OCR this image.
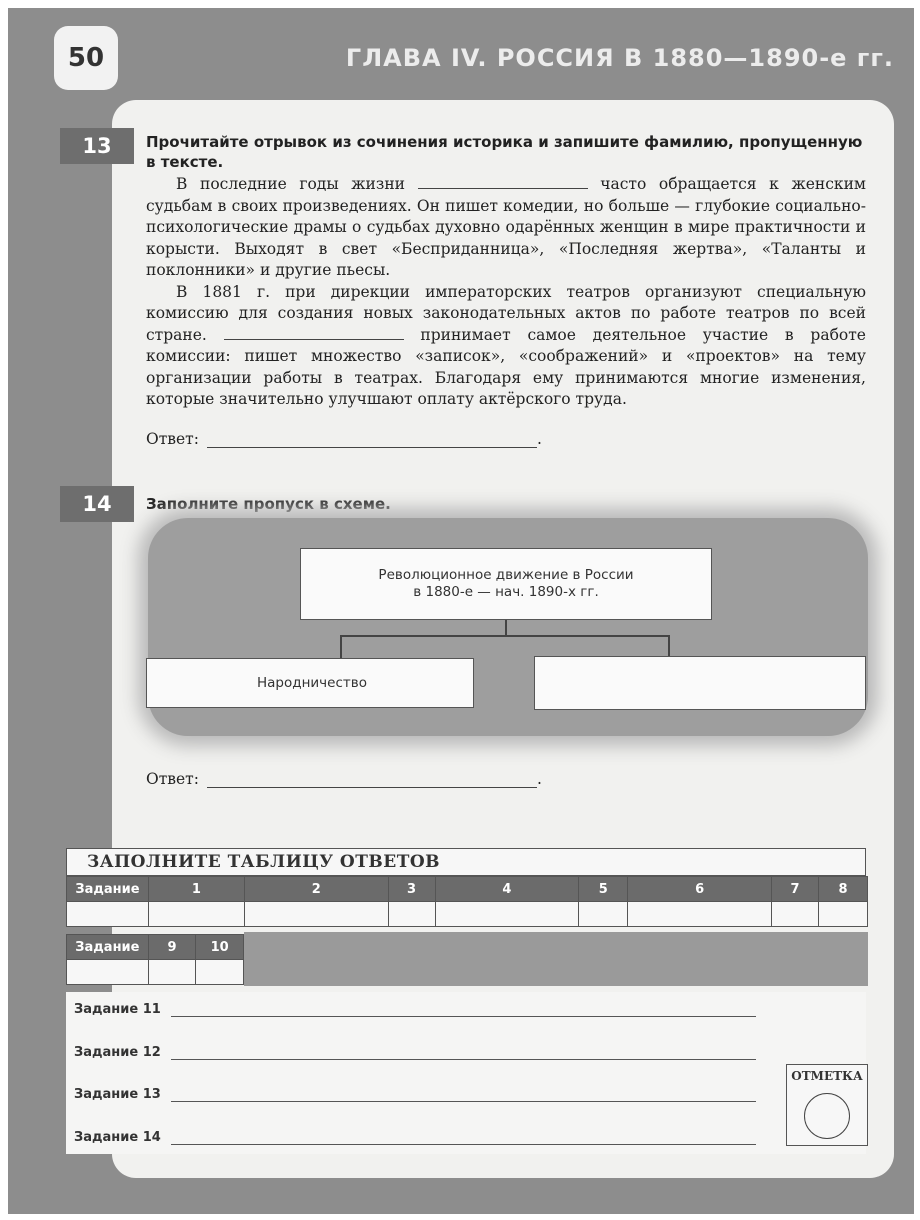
50	ГЛАВА IV. РОССИЯ В 1880—1890-е гг.
13	Прочитайте отрывок из сочинения историка и запишите фамилию, пропущенную в тексте.

В последние годы жизни	часто обращается к женским судьбам в своих произведениях. Он пишет комедии, но больше — глубокие социально-психологические драмы о судьбах духовно одарённых женщин в мире практичности и корысти. Выходят в свет «Бесприданница», «Последняя жертва», «Таланты и поклонники» и другие пьесы.

В 1881 г. при дирекции императорских театров организуют специальную комиссию для создания новых законодательных актов по работе театров по всей стране.	принимает самое деятельное участие в работе комиссии: пишет множество «записок», «соображений» и «проектов» на тему организации работы в театрах. Благодаря ему принимаются многие изменения, которые значительно улучшают оплату актёрского труда.

Ответ:	.
14	Заполните пропуск в схеме.
Революционное движение в России
в 1880-е — нач. 1890-х гг.
Народничество
Ответ:	.
ЗАПОЛНИТЕ ТАБЛИЦУ ОТВЕТОВ
Задание	1	2	3	4	5	6	7	8

Задание	9	10

Задание 11
Задание 12
Задание 13
Задание 14
ОТМЕТКА
